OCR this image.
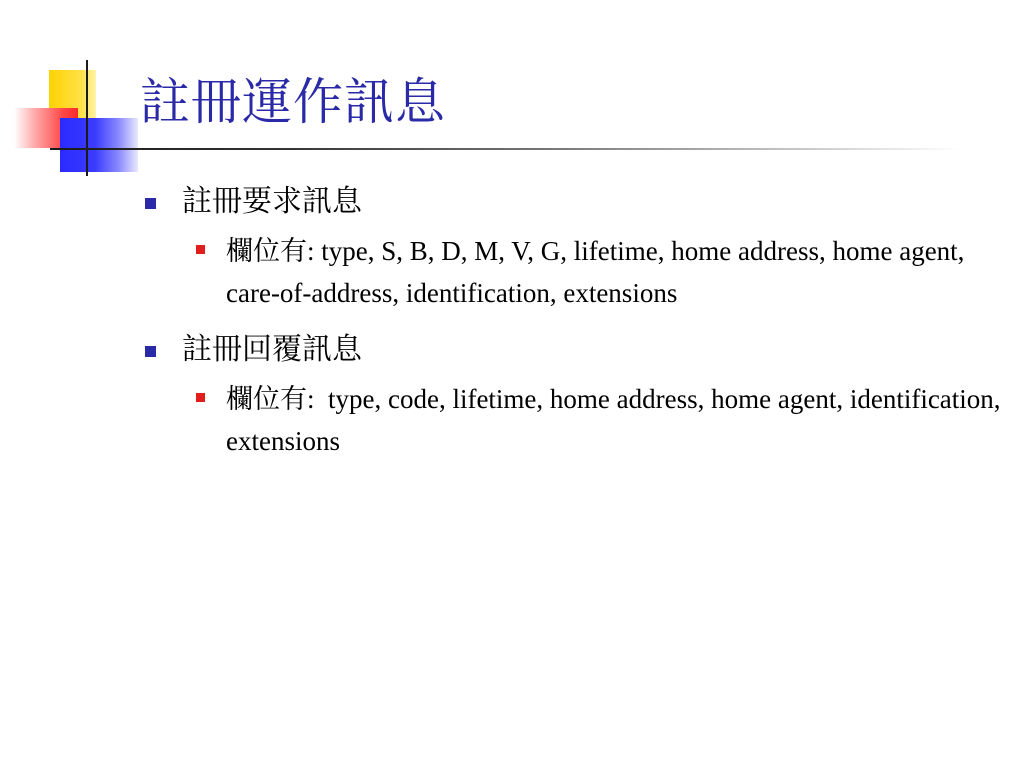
註冊運作訊息
註冊要求訊息
欄位有: type, S, B, D, M, V, G, lifetime, home address, home agent, care-of-address, identification, extensions
註冊回覆訊息
欄位有:  type, code, lifetime, home address, home agent, identification, extensions
